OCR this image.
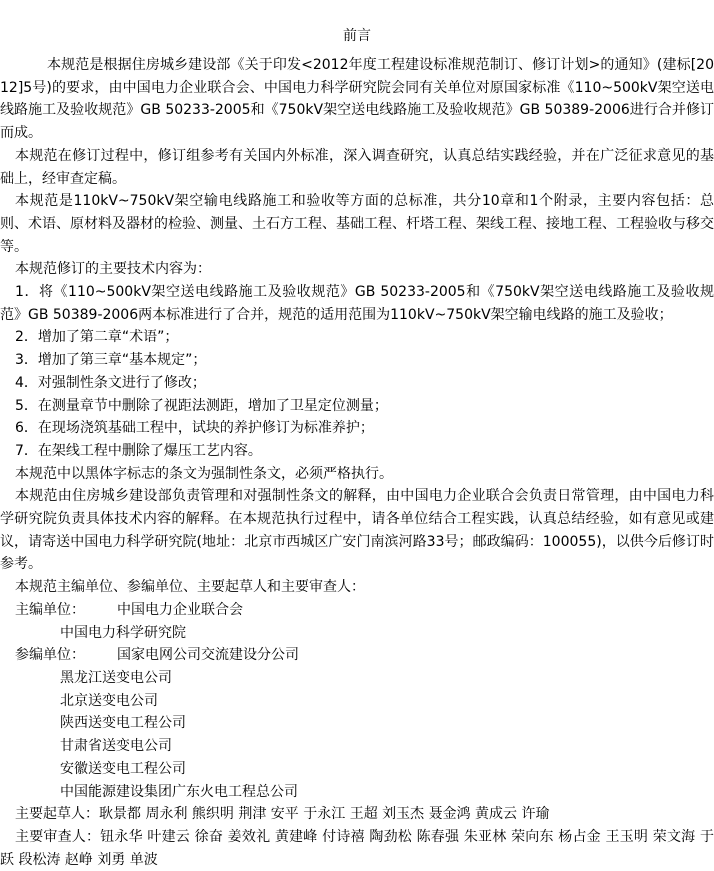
前言

本规范是根据住房城乡建设部《关于印发<2012年度工程建设标准规范制订、修订计划>的通知》(建标[2012]5号)的要求，由中国电力企业联合会、中国电力科学研究院会同有关单位对原国家标准《110~500kV架空送电线路施工及验收规范》GB 50233-2005和《750kV架空送电线路施工及验收规范》GB 50389-2006进行合并修订而成。

本规范在修订过程中，修订组参考有关国内外标准，深入调查研究，认真总结实践经验，并在广泛征求意见的基础上，经审查定稿。

本规范是110kV~750kV架空输电线路施工和验收等方面的总标准，共分10章和1个附录，主要内容包括：总则、术语、原材料及器材的检验、测量、土石方工程、基础工程、杆塔工程、架线工程、接地工程、工程验收与移交等。

本规范修订的主要技术内容为：

1．将《110~500kV架空送电线路施工及验收规范》GB 50233-2005和《750kV架空送电线路施工及验收规范》GB 50389-2006两本标准进行了合并，规范的适用范围为110kV~750kV架空输电线路的施工及验收；

2．增加了第二章“术语”；

3．增加了第三章“基本规定”；

4．对强制性条文进行了修改；

5．在测量章节中删除了视距法测距，增加了卫星定位测量；

6．在现场浇筑基础工程中，试块的养护修订为标准养护；

7．在架线工程中删除了爆压工艺内容。

本规范中以黑体字标志的条文为强制性条文，必须严格执行。

本规范由住房城乡建设部负责管理和对强制性条文的解释，由中国电力企业联合会负责日常管理，由中国电力科学研究院负责具体技术内容的解释。在本规范执行过程中，请各单位结合工程实践，认真总结经验，如有意见或建议，请寄送中国电力科学研究院(地址：北京市西城区广安门南滨河路33号；邮政编码：100055)，以供今后修订时参考。

本规范主编单位、参编单位、主要起草人和主要审查人：

主编单位： 中国电力企业联合会
中国电力科学研究院
参编单位： 国家电网公司交流建设分公司
黑龙江送变电公司
北京送变电公司
陕西送变电工程公司
甘肃省送变电公司
安徽送变电工程公司
中国能源建设集团广东火电工程总公司

主要起草人：耿景都 周永利 熊织明 荆津 安平 于永江 王超 刘玉杰 聂金鸿 黄成云 许瑜

主要审查人：钮永华 叶建云 徐奋 姜效礼 黄建峰 付诗禧 陶劲松 陈春强 朱亚林 荣向东 杨占金 王玉明 荣文海 于跃 段松涛 赵峥 刘勇 单波
